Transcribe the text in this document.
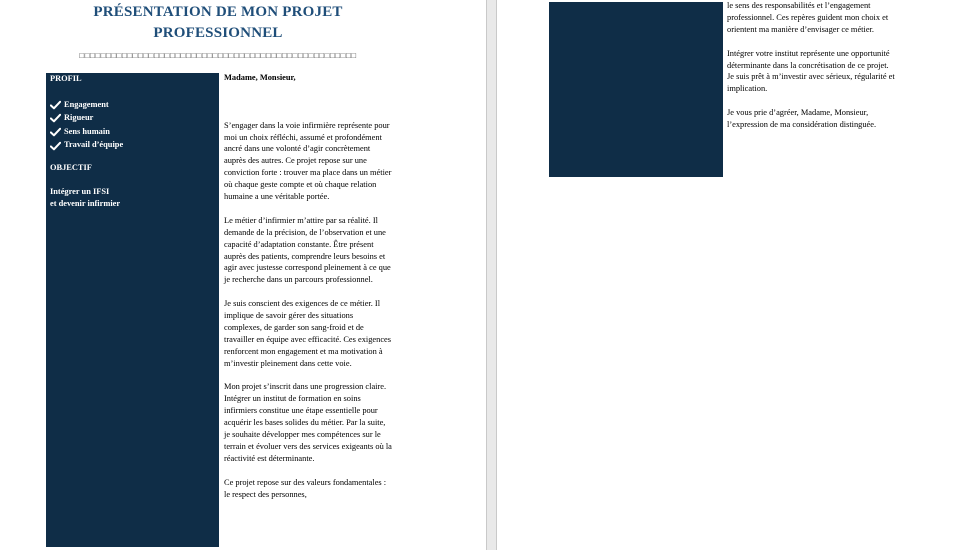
PRÉSENTATION DE MON PROJET
PROFESSIONNEL
□□□□□□□□□□□□□□□□□□□□□□□□□□□□□□□□□□□□□□□□□□□□□□□□□□□□
PROFIL
Engagement
Rigueur
Sens humain
Travail d’équipe
OBJECTIF
Intégrer un IFSI
et devenir infirmier

Madame, Monsieur,

S’engager dans la voie infirmière représente pour moi un choix réfléchi, assumé et profondément ancré dans une volonté d’agir concrètement auprès des autres. Ce projet repose sur une conviction forte : trouver ma place dans un métier où chaque geste compte et où chaque relation humaine a une véritable portée.

Le métier d’infirmier m’attire par sa réalité. Il demande de la précision, de l’observation et une capacité d’adaptation constante. Être présent auprès des patients, comprendre leurs besoins et agir avec justesse correspond pleinement à ce que je recherche dans un parcours professionnel.

Je suis conscient des exigences de ce métier. Il implique de savoir gérer des situations complexes, de garder son sang-froid et de travailler en équipe avec efficacité. Ces exigences renforcent mon engagement et ma motivation à m’investir pleinement dans cette voie.

Mon projet s’inscrit dans une progression claire. Intégrer un institut de formation en soins infirmiers constitue une étape essentielle pour acquérir les bases solides du métier. Par la suite, je souhaite développer mes compétences sur le terrain et évoluer vers des services exigeants où la réactivité est déterminante.

Ce projet repose sur des valeurs fondamentales : le respect des personnes,

le sens des responsabilités et l’engagement professionnel. Ces repères guident mon choix et orientent ma manière d’envisager ce métier.

Intégrer votre institut représente une opportunité déterminante dans la concrétisation de ce projet. Je suis prêt à m’investir avec sérieux, régularité et implication.

Je vous prie d’agréer, Madame, Monsieur, l’expression de ma considération distinguée.
